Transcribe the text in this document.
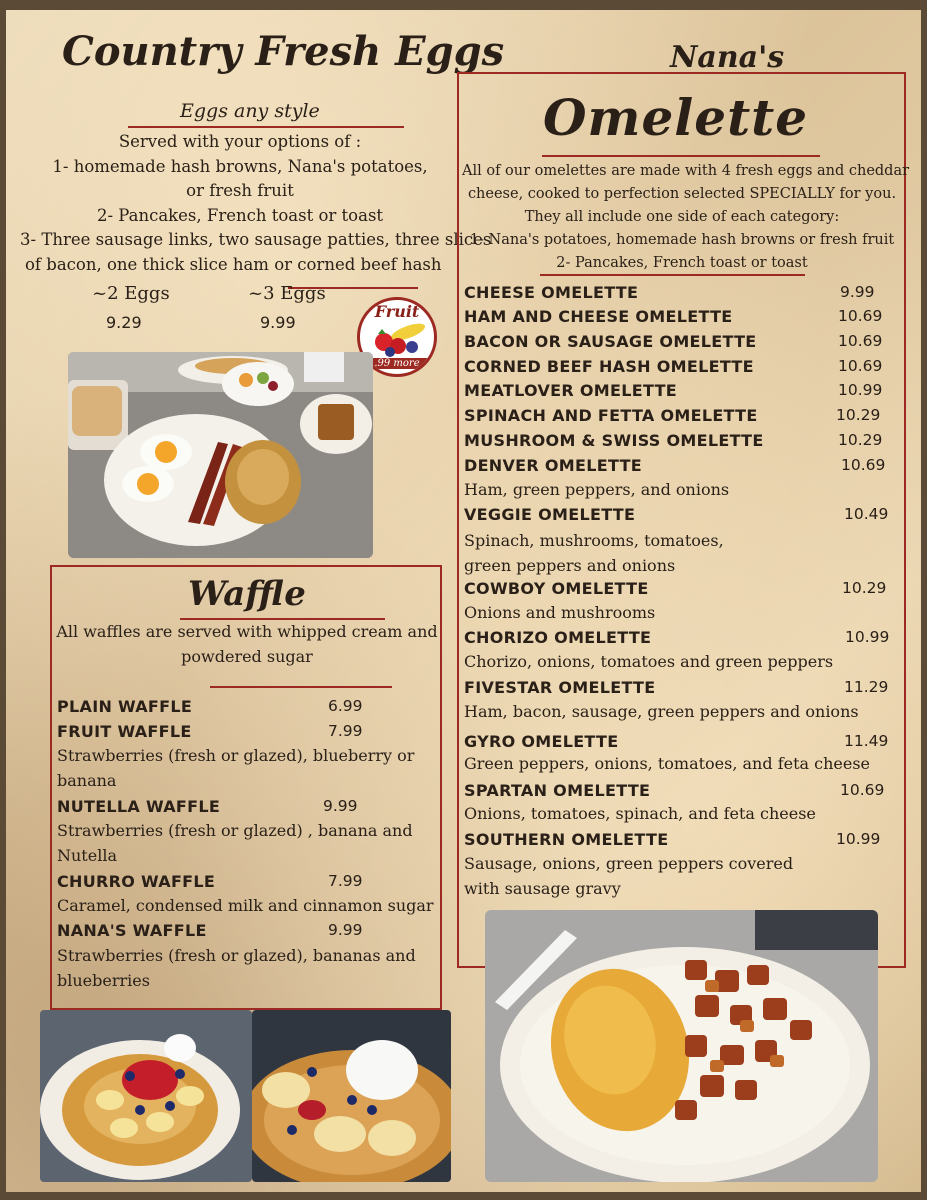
Country Fresh Eggs
Eggs any style
Served with your options of :
1- homemade hash browns, Nana's potatoes,
or fresh fruit
2- Pancakes, French toast or toast
3- Three sausage links, two sausage patties, three slices
of bacon, one thick slice ham or corned beef hash
~2 Eggs
9.29
~3 Eggs
9.99
Fruit
.99 more
Waffle
All waffles are served with whipped cream and
powdered sugar
PLAIN WAFFLE	6.99
FRUIT WAFFLE	7.99
Strawberries (fresh or glazed), blueberry or
banana
NUTELLA WAFFLE	9.99
Strawberries (fresh or glazed) , banana and
Nutella
CHURRO WAFFLE	7.99
Caramel, condensed milk and cinnamon sugar
NANA'S WAFFLE	9.99
Strawberries (fresh or glazed), bananas and
blueberries
Nana's
Omelette
All of our omelettes are made with 4 fresh eggs and cheddar
cheese, cooked to perfection selected SPECIALLY for you.
They all include one side of each category:
1- Nana's potatoes, homemade hash browns or fresh fruit
2- Pancakes, French toast or toast
CHEESE OMELETTE	9.99
HAM AND CHEESE OMELETTE	10.69
BACON OR SAUSAGE OMELETTE	10.69
CORNED BEEF HASH OMELETTE	10.69
MEATLOVER OMELETTE	10.99
SPINACH AND FETTA OMELETTE	10.29
MUSHROOM & SWISS OMELETTE	10.29
DENVER OMELETTE	10.69
Ham, green peppers, and onions
VEGGIE OMELETTE	10.49
Spinach, mushrooms, tomatoes,
green peppers and onions
COWBOY OMELETTE	10.29
Onions and mushrooms
CHORIZO OMELETTE	10.99
Chorizo, onions, tomatoes and green peppers
FIVESTAR OMELETTE	11.29
Ham, bacon, sausage, green peppers and onions
GYRO OMELETTE	11.49
Green peppers, onions, tomatoes, and feta cheese
SPARTAN OMELETTE	10.69
Onions, tomatoes, spinach, and feta cheese
SOUTHERN OMELETTE	10.99
Sausage, onions, green peppers covered
with sausage gravy
